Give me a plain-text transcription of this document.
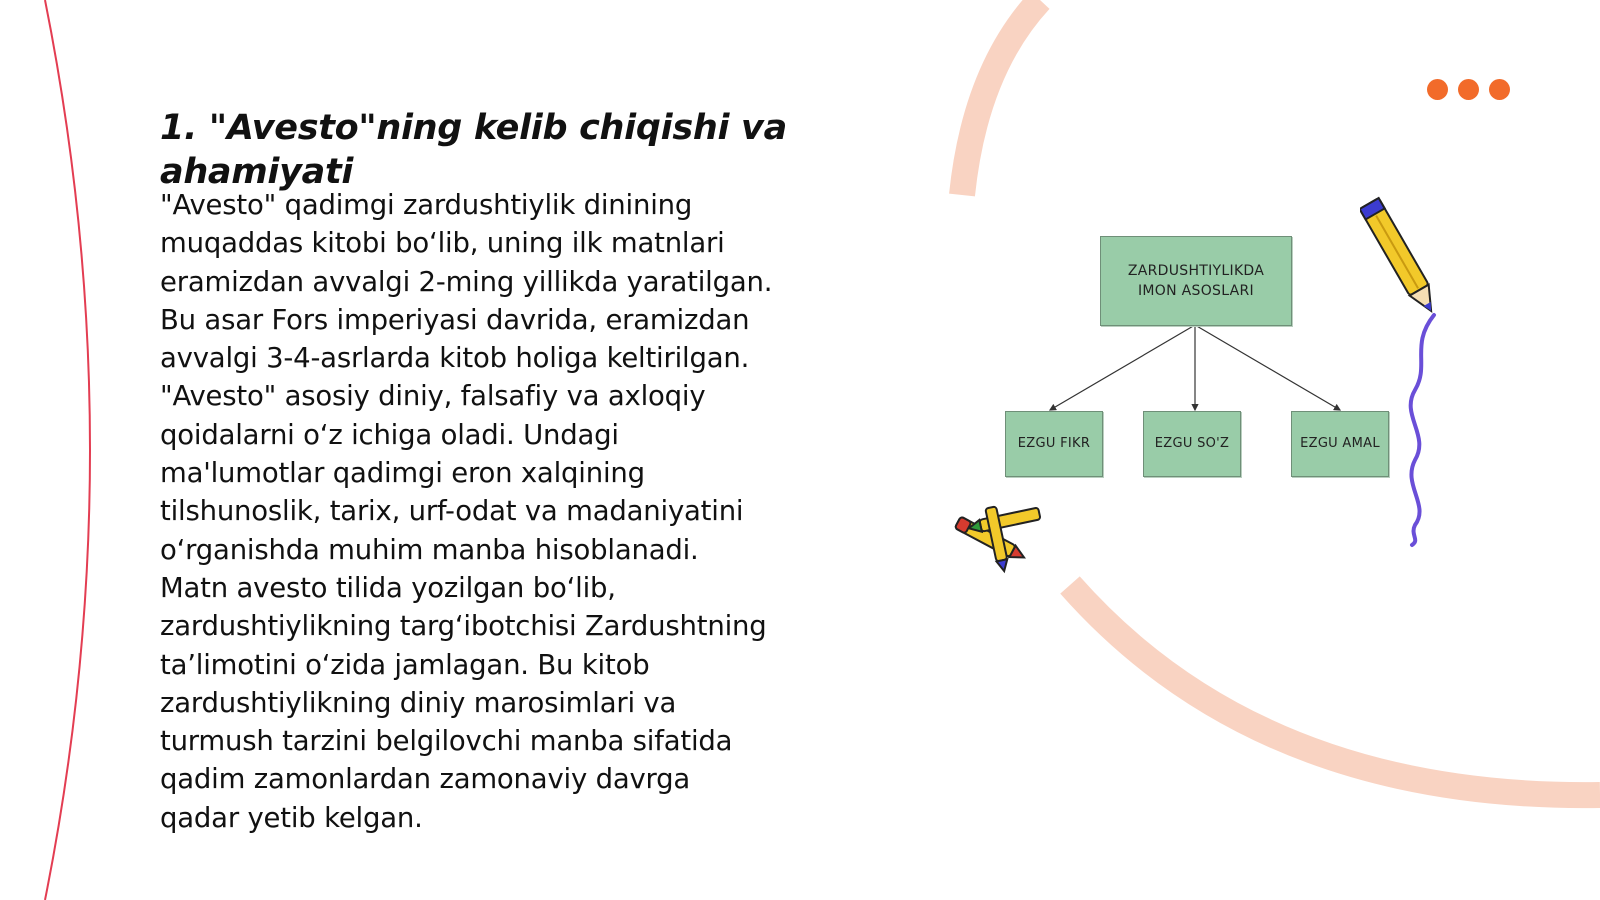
1. "Avesto"ning kelib chiqishi va ahamiyati
"Avesto" qadimgi zardushtiylik dinining
muqaddas kitobi bo‘lib, uning ilk matnlari
eramizdan avvalgi 2-ming yillikda yaratilgan.
Bu asar Fors imperiyasi davrida, eramizdan
avvalgi 3-4-asrlarda kitob holiga keltirilgan.
"Avesto" asosiy diniy, falsafiy va axloqiy
qoidalarni o‘z ichiga oladi. Undagi
ma'lumotlar qadimgi eron xalqining
tilshunoslik, tarix, urf-odat va madaniyatini
o‘rganishda muhim manba hisoblanadi.
Matn avesto tilida yozilgan bo‘lib,
zardushtiylikning targ‘ibotchisi Zardushtning
ta’limotini o‘zida jamlagan. Bu kitob
zardushtiylikning diniy marosimlari va
turmush tarzini belgilovchi manba sifatida
qadim zamonlardan zamonaviy davrga
qadar yetib kelgan.
ZARDUSHTIYLIKDA
IMON ASOSLARI
EZGU FIKR	EZGU SO'Z	EZGU AMAL
